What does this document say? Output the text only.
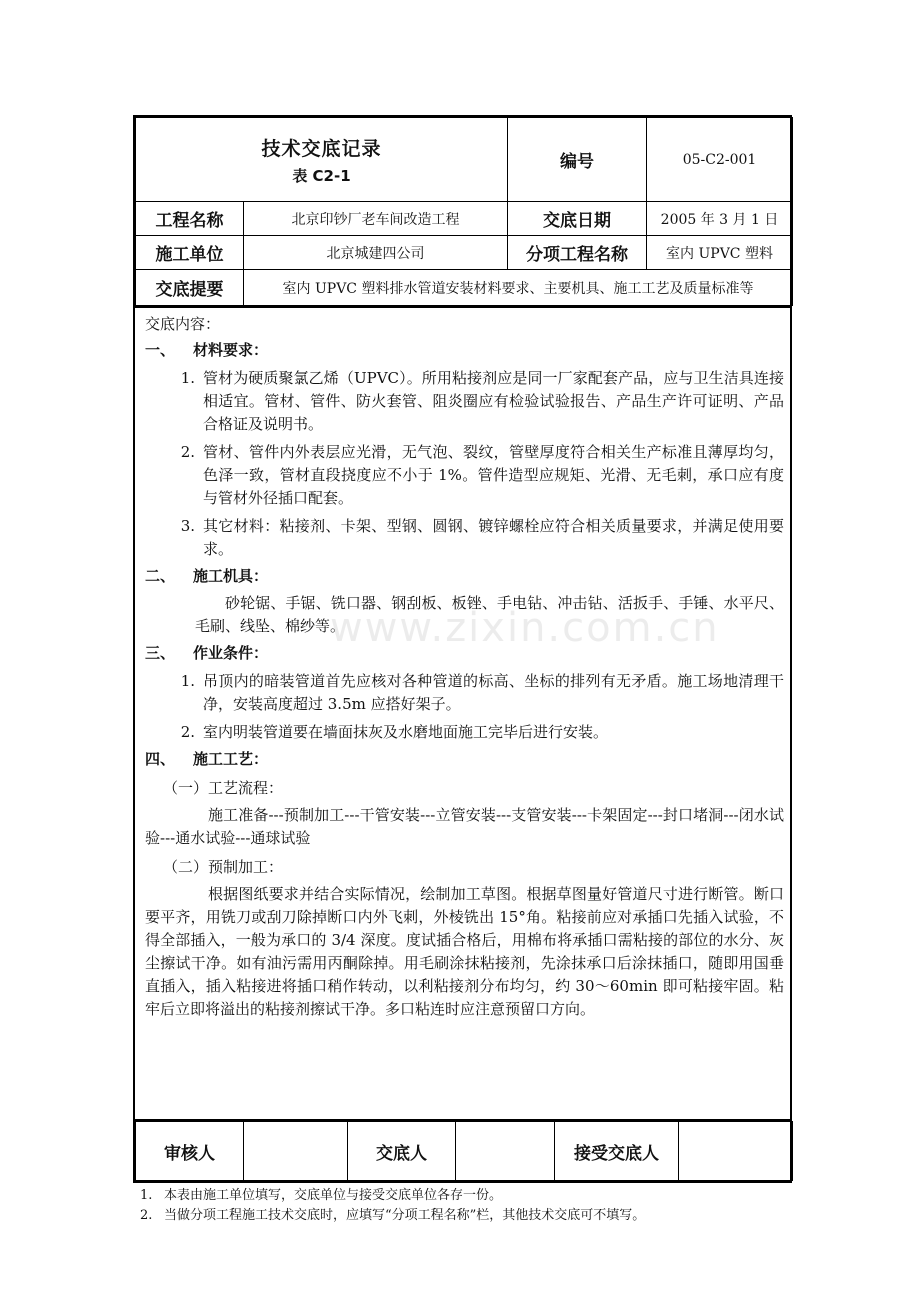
技术交底记录
表 C2-1		编号	05-C2-001
工程名称	北京印钞厂老车间改造工程	交底日期	2005 年 3 月 1 日
施工单位	北京城建四公司	分项工程名称	室内 UPVC 塑料
交底提要	室内 UPVC 塑料排水管道安装材料要求、主要机具、施工工艺及质量标准等		
交底内容：
一、 材料要求：
1. 管材为硬质聚氯乙烯（UPVC）。所用粘接剂应是同一厂家配套产品，应与卫生洁具连接相适宜。管材、管件、防火套管、阻炎圈应有检验试验报告、产品生产许可证明、产品合格证及说明书。
2. 管材、管件内外表层应光滑，无气泡、裂纹，管壁厚度符合相关生产标准且薄厚均匀，色泽一致，管材直段挠度应不小于 1%。管件造型应规矩、光滑、无毛刺，承口应有度与管材外径插口配套。
3. 其它材料：粘接剂、卡架、型钢、圆钢、镀锌螺栓应符合相关质量要求，并满足使用要求。
二、 施工机具：
砂轮锯、手锯、铣口器、钢刮板、板锉、手电钻、冲击钻、活扳手、手锤、水平尺、毛刷、线坠、棉纱等。
三、 作业条件：
1. 吊顶内的暗装管道首先应核对各种管道的标高、坐标的排列有无矛盾。施工场地清理干净，安装高度超过 3.5m 应搭好架子。
2. 室内明装管道要在墙面抹灰及水磨地面施工完毕后进行安装。
四、 施工工艺：
（一）工艺流程：
施工准备---预制加工---干管安装---立管安装---支管安装---卡架固定---封口堵洞---闭水试验---通水试验---通球试验
（二）预制加工：
根据图纸要求并结合实际情况，绘制加工草图。根据草图量好管道尺寸进行断管。断口要平齐，用铣刀或刮刀除掉断口内外飞刺，外棱铣出 15°角。粘接前应对承插口先插入试验，不得全部插入，一般为承口的 3/4 深度。度试插合格后，用棉布将承插口需粘接的部位的水分、灰尘擦试干净。如有油污需用丙酮除掉。用毛刷涂抹粘接剂，先涂抹承口后涂抹插口，随即用国垂直插入，插入粘接进将插口稍作转动，以利粘接剂分布均匀，约 30～60min 即可粘接牢固。粘牢后立即将溢出的粘接剂擦试干净。多口粘连时应注意预留口方向。
www.zixin.com.cn
审核人		交底人		接受交底人	
1. 本表由施工单位填写，交底单位与接受交底单位各存一份。
2. 当做分项工程施工技术交底时，应填写“分项工程名称”栏，其他技术交底可不填写。
